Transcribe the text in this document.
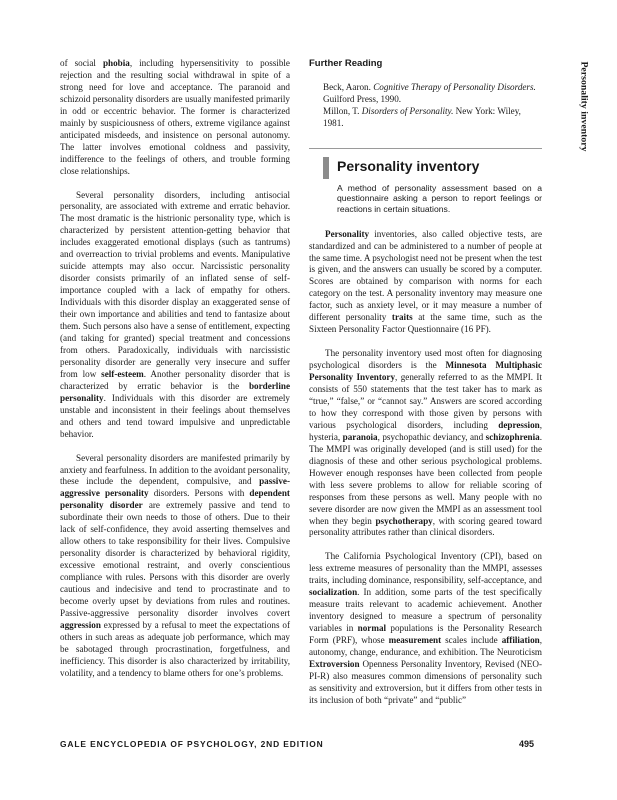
of social phobia, including hypersensitivity to possible rejection and the resulting social withdrawal in spite of a strong need for love and acceptance. The paranoid and schizoid personality disorders are usually manifested primarily in odd or eccentric behavior. The former is characterized mainly by suspiciousness of others, extreme vigilance against anticipated misdeeds, and insistence on personal autonomy. The latter involves emotional coldness and passivity, indifference to the feelings of others, and trouble forming close relationships.

Several personality disorders, including antisocial personality, are associated with extreme and erratic behavior. The most dramatic is the histrionic personality type, which is characterized by persistent attention-getting behavior that includes exaggerated emotional displays (such as tantrums) and overreaction to trivial problems and events. Manipulative suicide attempts may also occur. Narcissistic personality disorder consists primarily of an inflated sense of self-importance coupled with a lack of empathy for others. Individuals with this disorder display an exaggerated sense of their own importance and abilities and tend to fantasize about them. Such persons also have a sense of entitlement, expecting (and taking for granted) special treatment and concessions from others. Paradoxically, individuals with narcissistic personality disorder are generally very insecure and suffer from low self-esteem. Another personality disorder that is characterized by erratic behavior is the borderline personality. Individuals with this disorder are extremely unstable and inconsistent in their feelings about themselves and others and tend toward impulsive and unpredictable behavior.

Several personality disorders are manifested primarily by anxiety and fearfulness. In addition to the avoidant personality, these include the dependent, compulsive, and passive-aggressive personality disorders. Persons with dependent personality disorder are extremely passive and tend to subordinate their own needs to those of others. Due to their lack of self-confidence, they avoid asserting themselves and allow others to take responsibility for their lives. Compulsive personality disorder is characterized by behavioral rigidity, excessive emotional restraint, and overly conscientious compliance with rules. Persons with this disorder are overly cautious and indecisive and tend to procrastinate and to become overly upset by deviations from rules and routines. Passive-aggressive personality disorder involves covert aggression expressed by a refusal to meet the expectations of others in such areas as adequate job performance, which may be sabotaged through procrastination, forgetfulness, and inefficiency. This disorder is also characterized by irritability, volatility, and a tendency to blame others for one’s problems.

Further Reading

Beck, Aaron. Cognitive Therapy of Personality Disorders. Guilford Press, 1990.

Millon, T. Disorders of Personality. New York: Wiley, 1981.

Personality inventory
A method of personality assessment based on a questionnaire asking a person to report feelings or reactions in certain situations.

Personality inventories, also called objective tests, are standardized and can be administered to a number of people at the same time. A psychologist need not be present when the test is given, and the answers can usually be scored by a computer. Scores are obtained by comparison with norms for each category on the test. A personality inventory may measure one factor, such as anxiety level, or it may measure a number of different personality traits at the same time, such as the Sixteen Personality Factor Questionnaire (16 PF).

The personality inventory used most often for diagnosing psychological disorders is the Minnesota Multiphasic Personality Inventory, generally referred to as the MMPI. It consists of 550 statements that the test taker has to mark as “true,” “false,” or “cannot say.” Answers are scored according to how they correspond with those given by persons with various psychological disorders, including depression, hysteria, paranoia, psychopathic deviancy, and schizophrenia. The MMPI was originally developed (and is still used) for the diagnosis of these and other serious psychological problems. However enough responses have been collected from people with less severe problems to allow for reliable scoring of responses from these persons as well. Many people with no severe disorder are now given the MMPI as an assessment tool when they begin psychotherapy, with scoring geared toward personality attributes rather than clinical disorders.

The California Psychological Inventory (CPI), based on less extreme measures of personality than the MMPI, assesses traits, including dominance, responsibility, self-acceptance, and socialization. In addition, some parts of the test specifically measure traits relevant to academic achievement. Another inventory designed to measure a spectrum of personality variables in normal populations is the Personality Research Form (PRF), whose measurement scales include affiliation, autonomy, change, endurance, and exhibition. The Neuroticism Extroversion Openness Personality Inventory, Revised (NEO-PI-R) also measures common dimensions of personality such as sensitivity and extroversion, but it differs from other tests in its inclusion of both “private” and “public”

Personality inventory
GALE ENCYCLOPEDIA OF PSYCHOLOGY, 2ND EDITION	495
